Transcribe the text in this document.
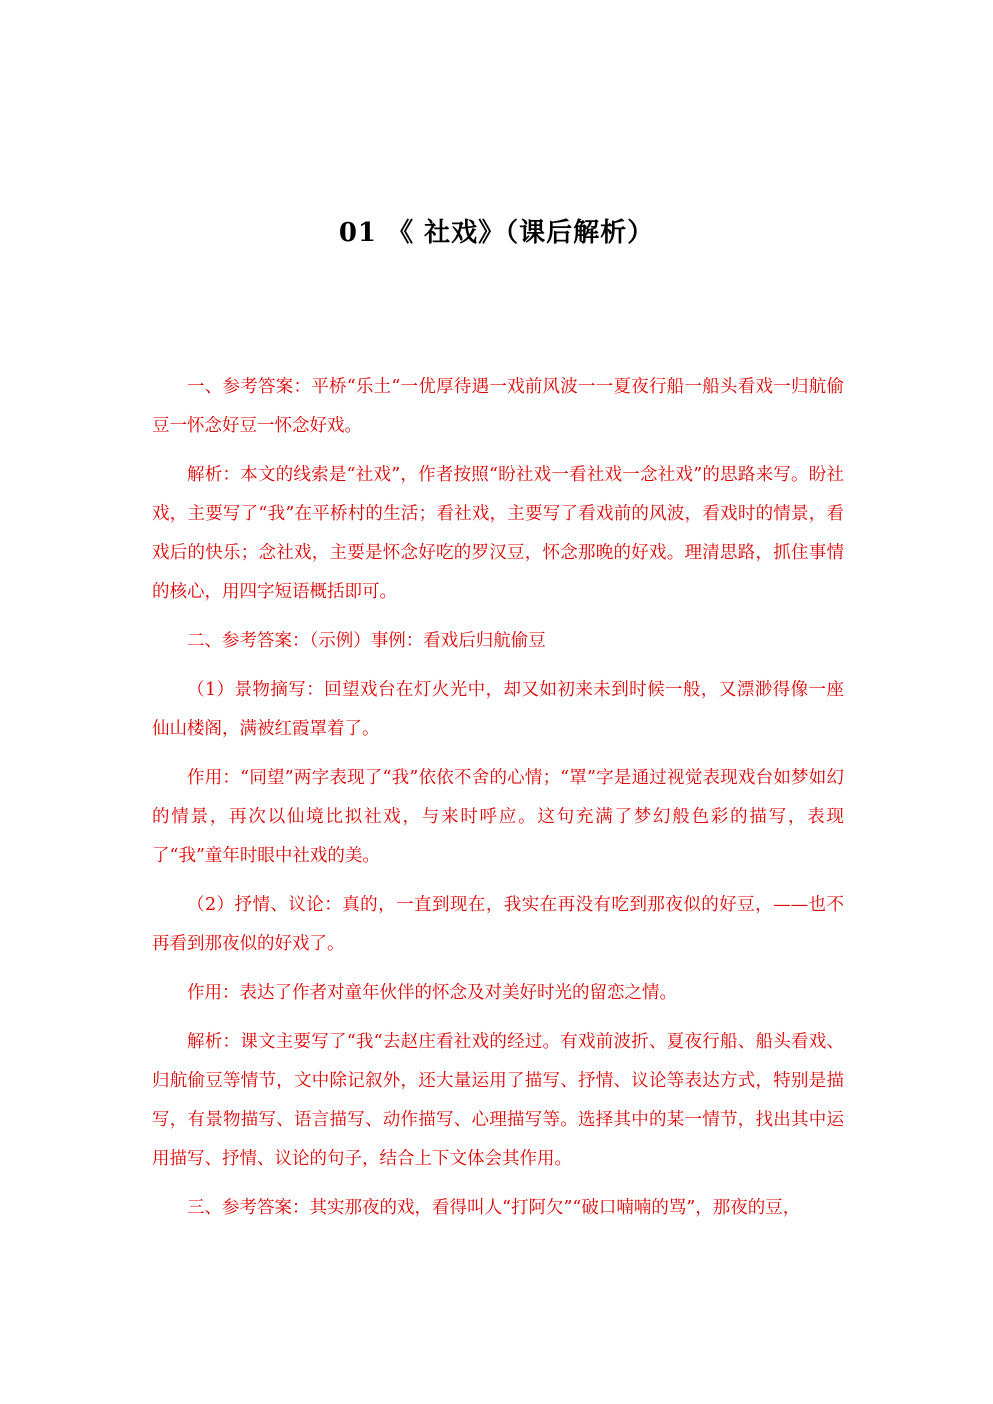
01 《 社戏》（课后解析）

一、参考答案：平桥“乐土“一优厚待遇一戏前风波一一夏夜行船一船头看戏一归航偷豆一怀念好豆一怀念好戏。

解析：本文的线索是“社戏”，作者按照“盼社戏一看社戏一念社戏”的思路来写。盼社戏，主要写了“我”在平桥村的生活；看社戏，主要写了看戏前的风波，看戏时的情景，看戏后的快乐；念社戏，主要是怀念好吃的罗汉豆，怀念那晚的好戏。理清思路，抓住事情的核心，用四字短语概括即可。

二、参考答案：（示例）事例：看戏后归航偷豆

（1）景物摘写：回望戏台在灯火光中，却又如初来未到时候一般，又漂渺得像一座仙山楼阁，满被红霞罩着了。

作用：“同望”两字表现了“我”依依不舍的心情；“罩”字是通过视觉表现戏台如梦如幻的情景，再次以仙境比拟社戏，与来时呼应。这句充满了梦幻般色彩的描写，表现了“我”童年时眼中社戏的美。

（2）抒情、议论：真的，一直到现在，我实在再没有吃到那夜似的好豆，——也不再看到那夜似的好戏了。

作用：表达了作者对童年伙伴的怀念及对美好时光的留恋之情。

解析：课文主要写了“我“去赵庄看社戏的经过。有戏前波折、夏夜行船、船头看戏、归航偷豆等情节，文中除记叙外，还大量运用了描写、抒情、议论等表达方式，特别是描写，有景物描写、语言描写、动作描写、心理描写等。选择其中的某一情节，找出其中运用描写、抒情、议论的句子，结合上下文体会其作用。

三、参考答案：其实那夜的戏，看得叫人“打阿欠”“破口喃喃的骂”，那夜的豆，
